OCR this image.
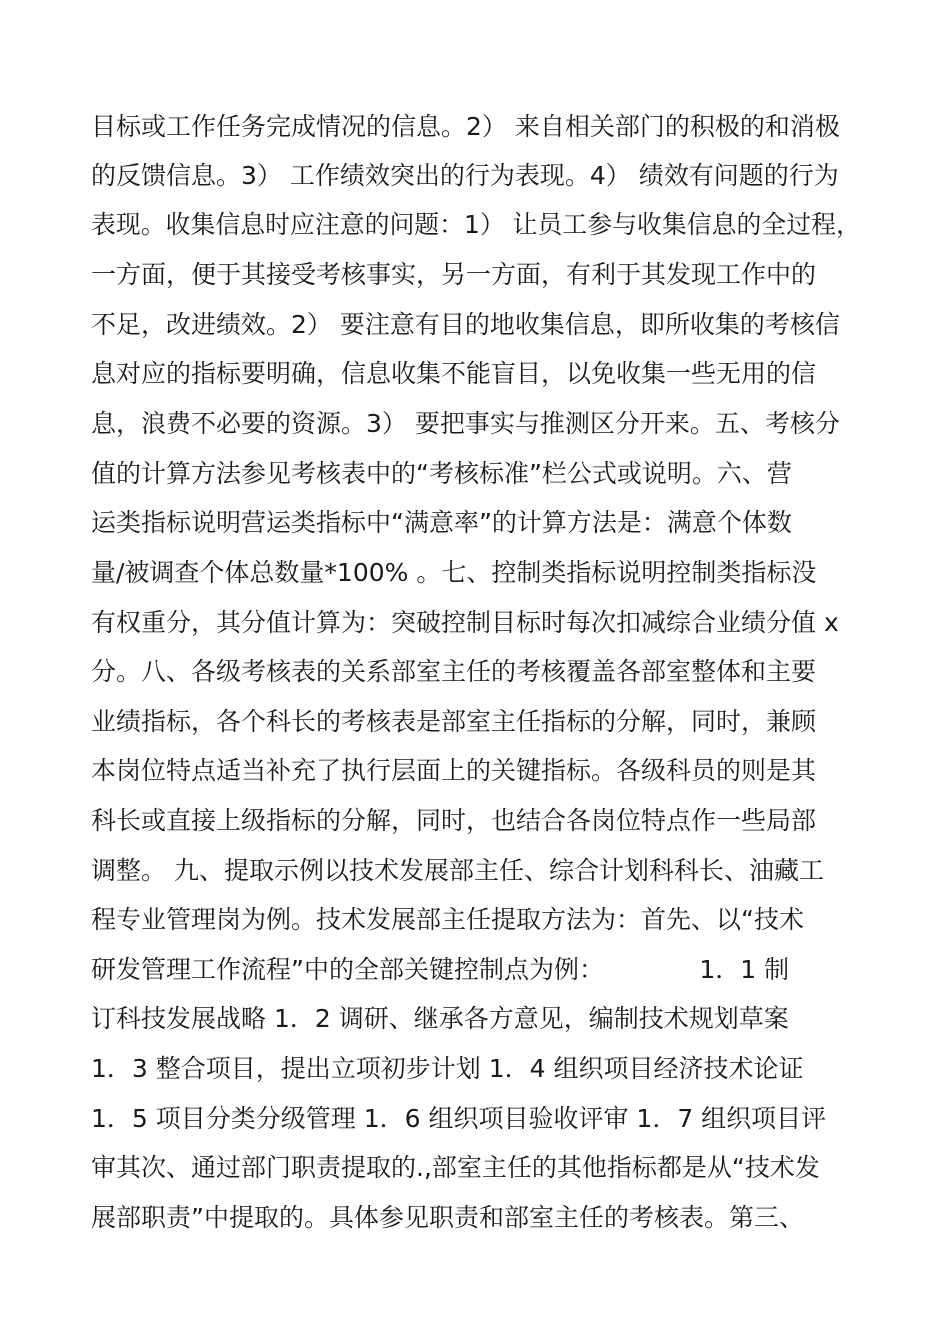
目标或工作任务完成情况的信息。2） 来自相关部门的积极的和消极
的反馈信息。3） 工作绩效突出的行为表现。4） 绩效有问题的行为
表现。收集信息时应注意的问题：1） 让员工参与收集信息的全过程，
一方面，便于其接受考核事实，另一方面，有利于其发现工作中的
不足，改进绩效。2） 要注意有目的地收集信息，即所收集的考核信
息对应的指标要明确，信息收集不能盲目，以免收集一些无用的信
息，浪费不必要的资源。3） 要把事实与推测区分开来。五、考核分
值的计算方法参见考核表中的“考核标准”栏公式或说明。六、营
运类指标说明营运类指标中“满意率”的计算方法是：满意个体数
量/被调查个体总数量*100% 。七、控制类指标说明控制类指标没
有权重分，其分值计算为：突破控制目标时每次扣减综合业绩分值 x
分。八、各级考核表的关系部室主任的考核覆盖各部室整体和主要
业绩指标，各个科长的考核表是部室主任指标的分解，同时，兼顾
本岗位特点适当补充了执行层面上的关键指标。各级科员的则是其
科长或直接上级指标的分解，同时，也结合各岗位特点作一些局部
调整。 九、提取示例以技术发展部主任、综合计划科科长、油藏工
程专业管理岗为例。技术发展部主任提取方法为：首先、以“技术
研发管理工作流程”中的全部关键控制点为例：            1．1 制
订科技发展战略 1．2 调研、继承各方意见，编制技术规划草案
1．3 整合项目，提出立项初步计划 1．4 组织项目经济技术论证
1．5 项目分类分级管理 1．6 组织项目验收评审 1．7 组织项目评
审其次、通过部门职责提取的.,部室主任的其他指标都是从“技术发
展部职责”中提取的。具体参见职责和部室主任的考核表。第三、
